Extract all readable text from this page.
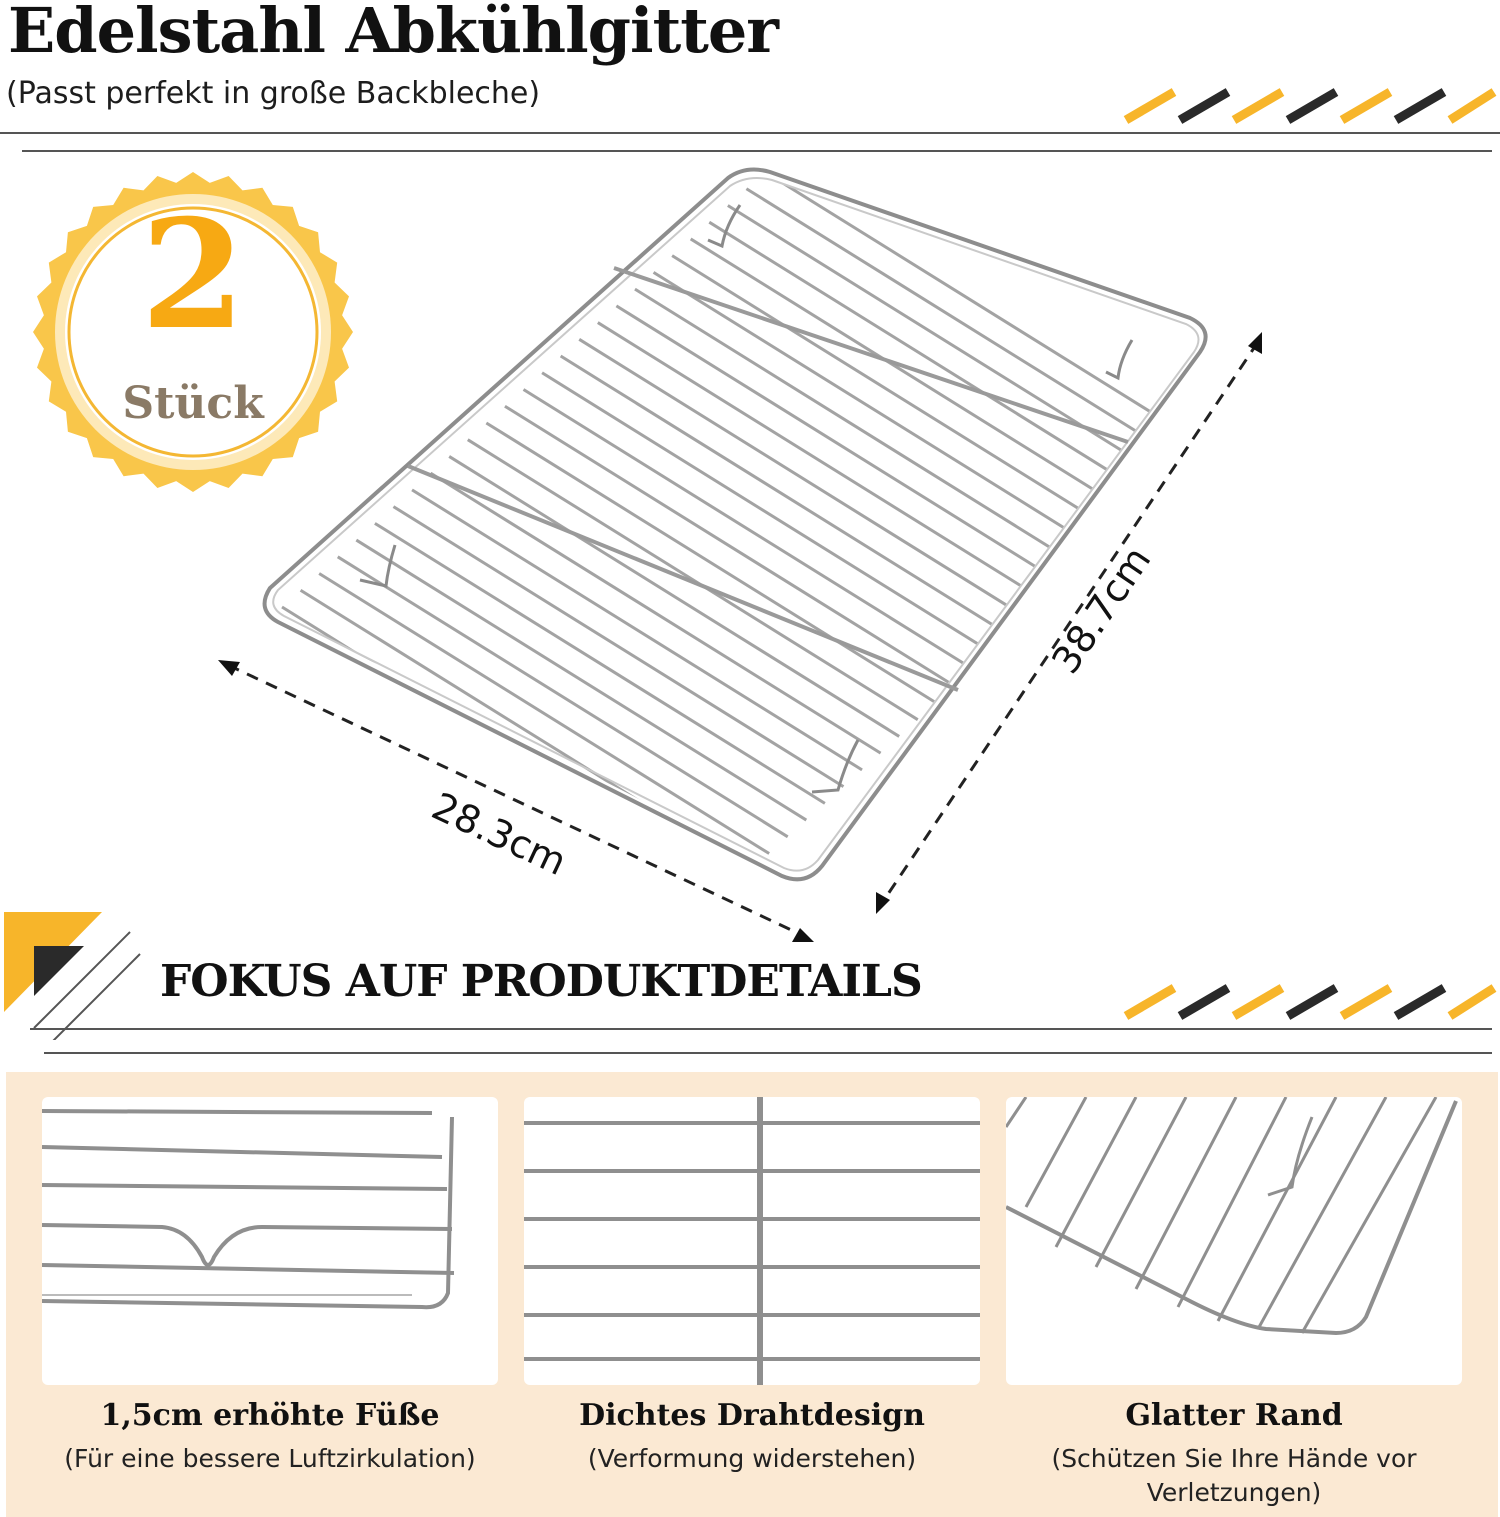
Edelstahl Abkühlgitter
(Passt perfekt in große Backbleche)
2
Stück
28.3cm
38.7cm
FOKUS AUF PRODUKTDETAILS
1,5cm erhöhte Füße
(Für eine bessere Luftzirkulation)
Dichtes Drahtdesign
(Verformung widerstehen)
Glatter Rand
(Schützen Sie Ihre Hände vor Verletzungen)
